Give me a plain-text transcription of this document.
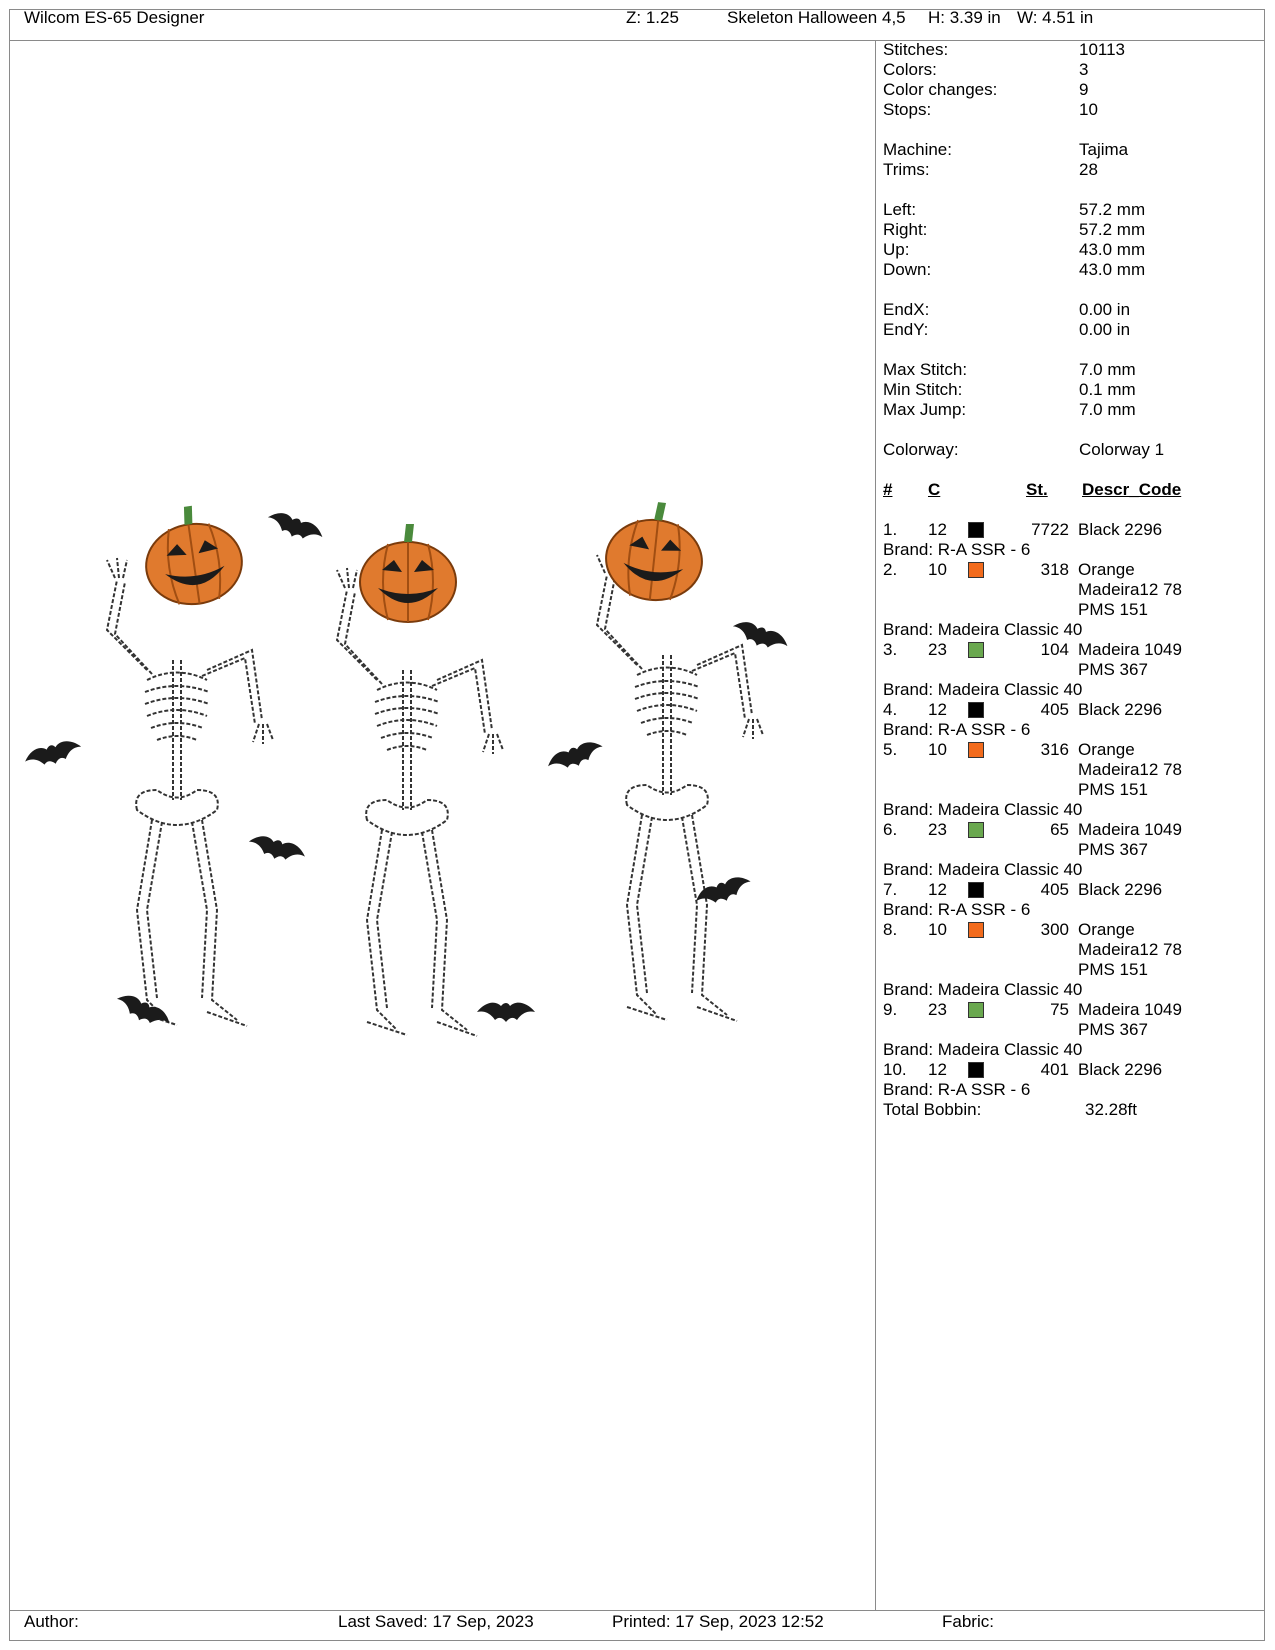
Wilcom ES-65 Designer	Z: 1.25	Skeleton Halloween 4,5 H: 3.39 in W: 4.51 in
Author:	Last Saved: 17 Sep, 2023	Printed: 17 Sep, 2023 12:52	Fabric:
Stitches:	10113
Colors:	3
Color changes:	9
Stops:	10
Machine:	Tajima
Trims:	28
Left:	57.2 mm
Right:	57.2 mm
Up:	43.0 mm
Down:	43.0 mm
EndX:	0.00 in
EndY:	0.00 in
Max Stitch:	7.0 mm
Min Stitch:	0.1 mm
Max Jump:	7.0 mm
Colorway:	Colorway 1
# C	St. Descr_Code
1. 12	7722 Black 2296
Brand: R-A SSR - 6
2. 10	318 Orange
Madeira12 78
PMS 151
Brand: Madeira Classic 40
3. 23	104 Madeira 1049
PMS 367
Brand: Madeira Classic 40
4. 12	405 Black 2296
Brand: R-A SSR - 6
5. 10	316 Orange
Madeira12 78
PMS 151
Brand: Madeira Classic 40
6. 23	65 Madeira 1049
PMS 367
Brand: Madeira Classic 40
7. 12	405 Black 2296
Brand: R-A SSR - 6
8. 10	300 Orange
Madeira12 78
PMS 151
Brand: Madeira Classic 40
9. 23	75 Madeira 1049
PMS 367
Brand: Madeira Classic 40
10. 12	401 Black 2296
Brand: R-A SSR - 6
Total Bobbin:	32.28ft
